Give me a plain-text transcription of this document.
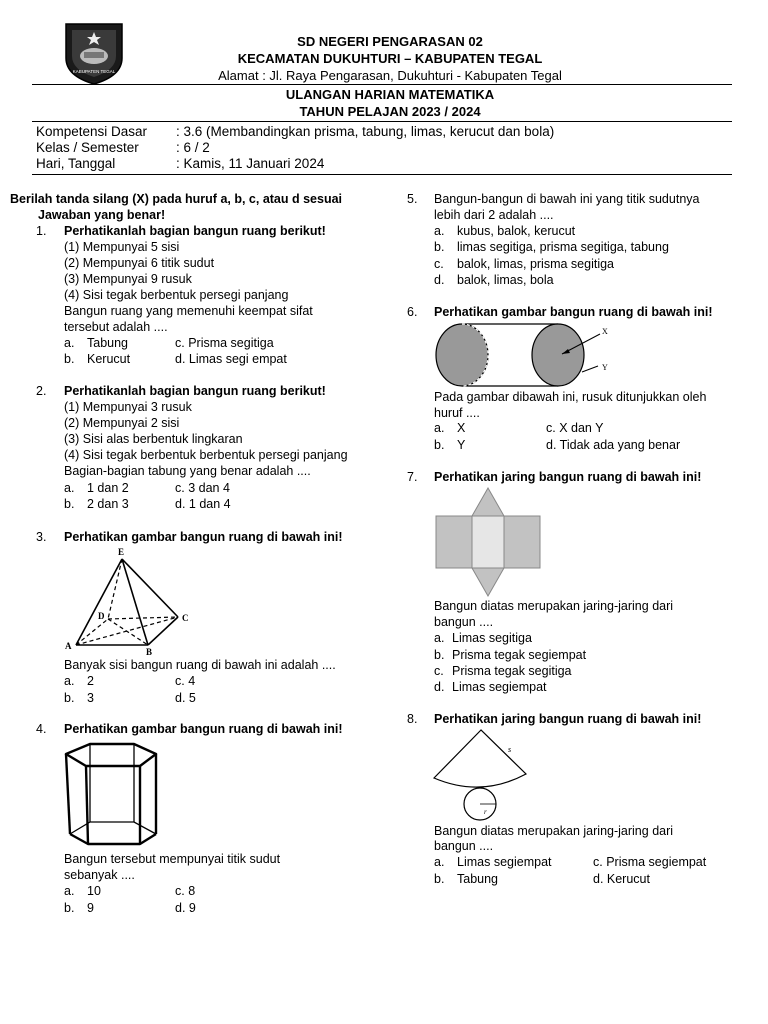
KABUPATEN TEGAL
SD NEGERI PENGARASAN 02
KECAMATAN DUKUHTURI – KABUPATEN TEGAL
Alamat : Jl. Raya Pengarasan, Dukuhturi - Kabupaten Tegal
ULANGAN HARIAN MATEMATIKA
TAHUN PELAJAN 2023 / 2024
Kompetensi Dasar : 3.6 (Membandingkan prisma, tabung, limas, kerucut dan bola)
Kelas / Semester	: 6 / 2
Hari, Tanggal	: Kamis, 11 Januari 2024
Berilah tanda silang (X) pada huruf a, b, c, atau d sesuai
Jawaban yang benar!
1. Perhatikanlah bagian bangun ruang berikut!
(1) Mempunyai 5 sisi
(2) Mempunyai 6 titik sudut
(3) Mempunyai 9 rusuk
(4) Sisi tegak berbentuk persegi panjang
Bangun ruang yang memenuhi keempat sifat
tersebut adalah ....
a. Tabung	c. Prisma segitiga
b. Kerucut	d. Limas segi empat
2. Perhatikanlah bagian bangun ruang berikut!
(1) Mempunyai 3 rusuk
(2) Mempunyai 2 sisi
(3) Sisi alas berbentuk lingkaran
(4) Sisi tegak berbentuk berbentuk persegi panjang
Bagian-bagian tabung yang benar adalah ....
a. 1 dan 2	c. 3 dan 4
b. 2 dan 3	d. 1 dan 4
3. Perhatikan gambar bangun ruang di bawah ini!
E
D	C
A
B
Banyak sisi bangun ruang di bawah ini adalah ....
a. 2	c. 4
b. 3	d. 5
4. Perhatikan gambar bangun ruang di bawah ini!
Bangun tersebut mempunyai titik sudut
sebanyak ....
a. 10	c. 8
b. 9	d. 9
5. Bangun-bangun di bawah ini yang titik sudutnya
lebih dari 2 adalah ....
a. kubus, balok, kerucut
b. limas segitiga, prisma segitiga, tabung
c. balok, limas, prisma segitiga
d. balok, limas, bola
6. Perhatikan gambar bangun ruang di bawah ini!
X
Y
Pada gambar dibawah ini, rusuk ditunjukkan oleh
huruf ....
a. X	c. X dan Y
b. Y	d. Tidak ada yang benar
7. Perhatikan jaring bangun ruang di bawah ini!
Bangun diatas merupakan jaring-jaring dari
bangun ....
a. Limas segitiga
b. Prisma tegak segiempat
c. Prisma tegak segitiga
d. Limas segiempat
8. Perhatikan jaring bangun ruang di bawah ini!
s
r
Bangun diatas merupakan jaring-jaring dari
bangun ....
a. Limas segiempat	c. Prisma segiempat
b. Tabung	d. Kerucut
